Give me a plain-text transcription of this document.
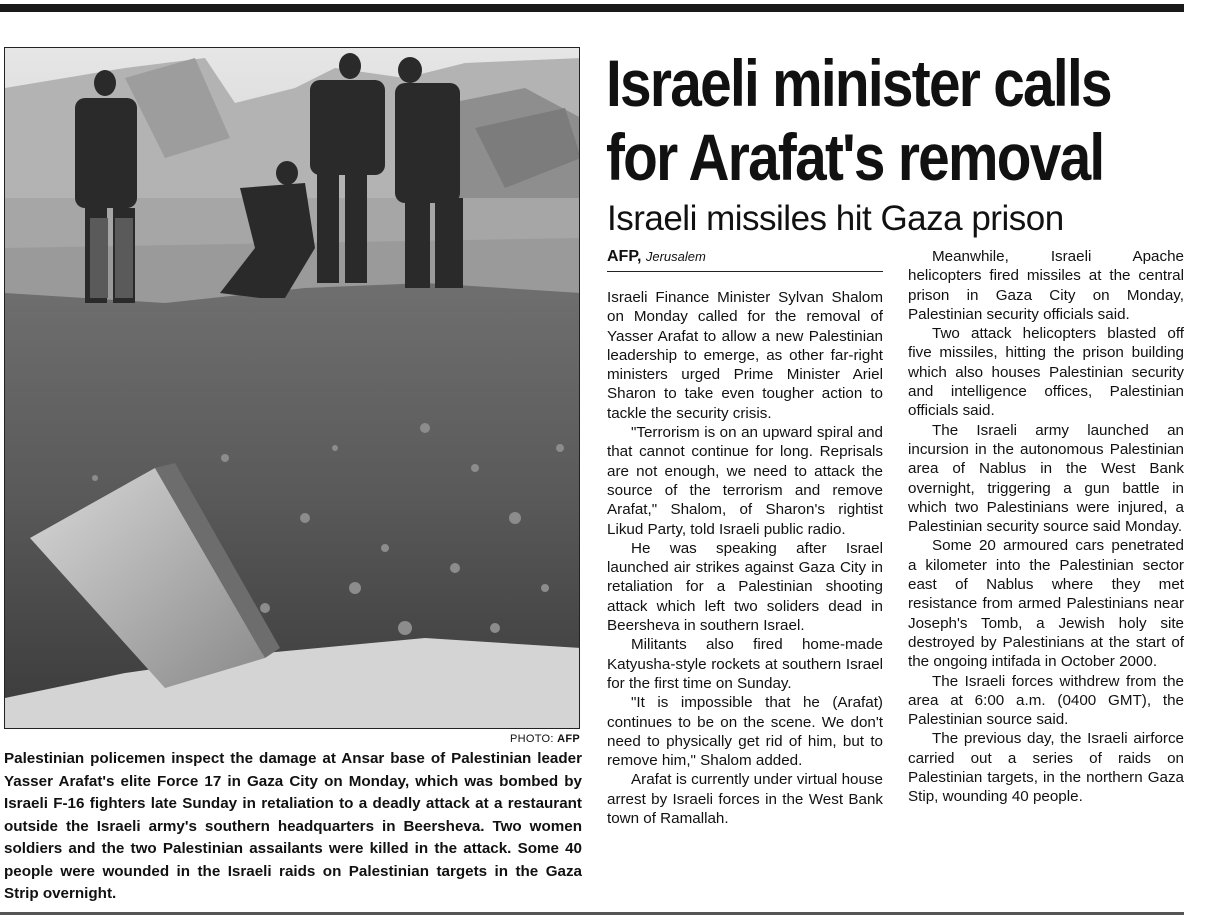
PHOTO: AFP
Palestinian policemen inspect the damage at Ansar base of Palestinian leader Yasser Arafat's elite Force 17 in Gaza City on Monday, which was bombed by Israeli F-16 fighters late Sunday in retaliation to a deadly attack at a restaurant outside the Israeli army's southern headquarters in Beersheva. Two women soldiers and the two Palestinian assailants were killed in the attack. Some 40 people were wounded in the Israeli raids on Palestinian targets in the Gaza Strip overnight.
Israeli minister calls
for Arafat's removal
Israeli missiles hit Gaza prison
AFP, Jerusalem

Israeli Finance Minister Sylvan Shalom on Monday called for the removal of Yasser Arafat to allow a new Palestinian leadership to emerge, as other far-right ministers urged Prime Minister Ariel Sharon to take even tougher action to tackle the security crisis.

"Terrorism is on an upward spiral and that cannot continue for long. Reprisals are not enough, we need to attack the source of the terrorism and remove Arafat," Shalom, of Sharon's rightist Likud Party, told Israeli public radio.

He was speaking after Israel launched air strikes against Gaza City in retaliation for a Palestinian shooting attack which left two soliders dead in Beersheva in southern Israel.

Militants also fired home-made Katyusha-style rockets at southern Israel for the first time on Sunday.

"It is impossible that he (Arafat) continues to be on the scene. We don't need to physically get rid of him, but to remove him," Shalom added.

Arafat is currently under virtual house arrest by Israeli forces in the West Bank town of Ramallah.

Meanwhile, Israeli Apache helicopters fired missiles at the central prison in Gaza City on Monday, Palestinian security officials said.

Two attack helicopters blasted off five missiles, hitting the prison building which also houses Palestinian security and intelligence offices, Palestinian officials said.

The Israeli army launched an incursion in the autonomous Palestinian area of Nablus in the West Bank overnight, triggering a gun battle in which two Palestinians were injured, a Palestinian security source said Monday.

Some 20 armoured cars penetrated a kilometer into the Palestinian sector east of Nablus where they met resistance from armed Palestinians near Joseph's Tomb, a Jewish holy site destroyed by Palestinians at the start of the ongoing intifada in October 2000.

The Israeli forces withdrew from the area at 6:00 a.m. (0400 GMT), the Palestinian source said.

The previous day, the Israeli airforce carried out a series of raids on Palestinian targets, in the northern Gaza Stip, wounding 40 people.
